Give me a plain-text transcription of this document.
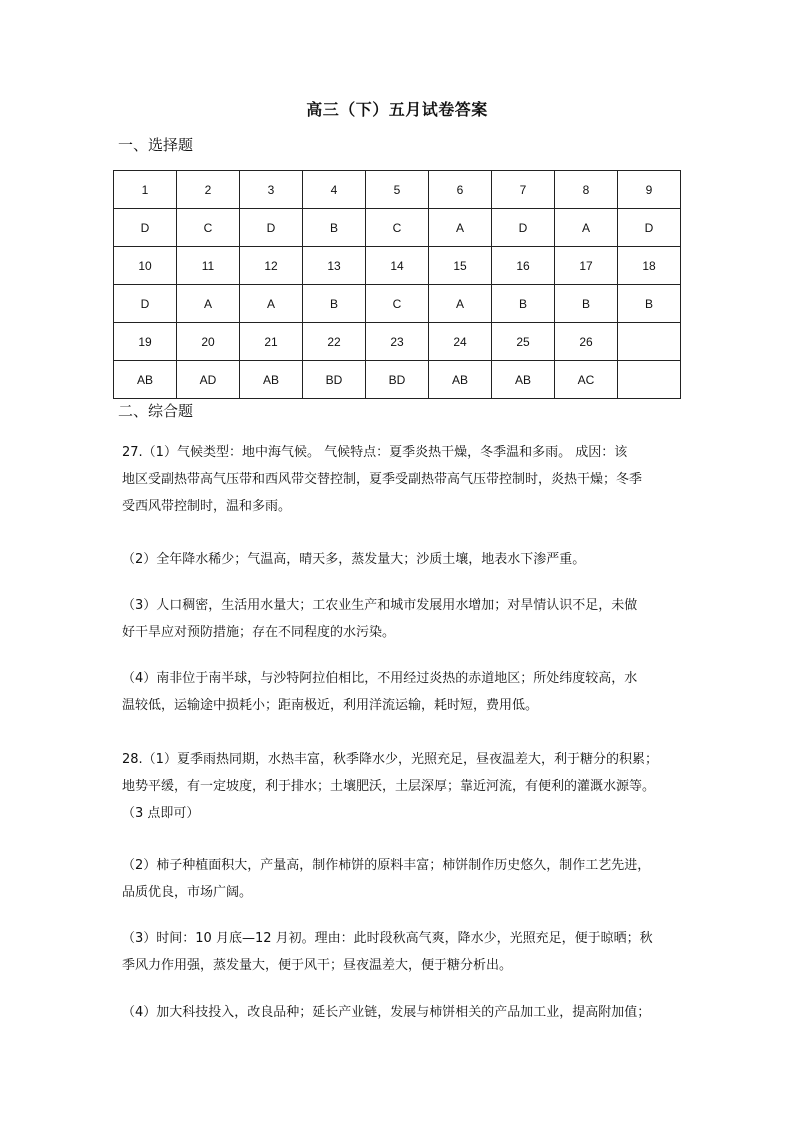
高三（下）五月试卷答案
一、选择题
1	2	3	4	5	6	7	8	9
D	C	D	B	C	A	D	A	D
10	11	12	13	14	15	16	17	18
D	A	A	B	C	A	B	B	B
19	20	21	22	23	24	25	26	
AB	AD	AB	BD	BD	AB	AB	AC	
二、综合题
27.（1）气候类型：地中海气候。 气候特点：夏季炎热干燥，冬季温和多雨。 成因：该
地区受副热带高气压带和西风带交替控制，夏季受副热带高气压带控制时，炎热干燥；冬季
受西风带控制时，温和多雨。
（2）全年降水稀少；气温高，晴天多，蒸发量大；沙质土壤，地表水下渗严重。
（3）人口稠密，生活用水量大；工农业生产和城市发展用水增加；对旱情认识不足，未做
好干旱应对预防措施；存在不同程度的水污染。
（4）南非位于南半球，与沙特阿拉伯相比，不用经过炎热的赤道地区；所处纬度较高，水
温较低，运输途中损耗小；距南极近，利用洋流运输，耗时短，费用低。
28.（1）夏季雨热同期，水热丰富，秋季降水少，光照充足，昼夜温差大，利于糖分的积累；
地势平缓，有一定坡度，利于排水；土壤肥沃，土层深厚；靠近河流，有便利的灌溉水源等。
（3 点即可）
（2）柿子种植面积大，产量高，制作柿饼的原料丰富；柿饼制作历史悠久，制作工艺先进，
品质优良，市场广阔。
（3）时间：10 月底—12 月初。理由：此时段秋高气爽，降水少，光照充足，便于晾晒；秋
季风力作用强，蒸发量大，便于风干；昼夜温差大，便于糖分析出。
（4）加大科技投入，改良品种；延长产业链，发展与柿饼相关的产品加工业，提高附加值；
